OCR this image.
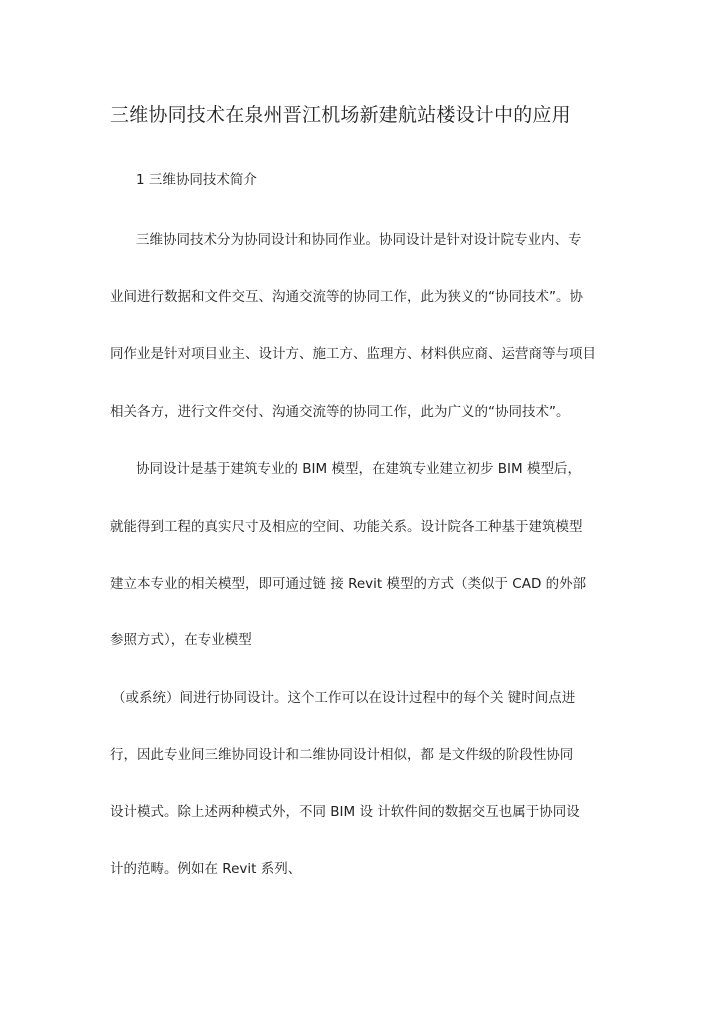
三维协同技术在泉州晋江机场新建航站楼设计中的应用
1 三维协同技术简介
三维协同技术分为协同设计和协同作业。协同设计是针对设计院专业内、专
业间进行数据和文件交互、沟通交流等的协同工作，此为狭义的“协同技术”。协
同作业是针对项目业主、设计方、施工方、监理方、材料供应商、运营商等与项目
相关各方，进行文件交付、沟通交流等的协同工作，此为广义的“协同技术”。
协同设计是基于建筑专业的 BIM 模型，在建筑专业建立初步 BIM 模型后，
就能得到工程的真实尺寸及相应的空间、功能关系。设计院各工种基于建筑模型
建立本专业的相关模型，即可通过链 接 Revit 模型的方式（类似于 CAD 的外部
参照方式），在专业模型
（或系统）间进行协同设计。这个工作可以在设计过程中的每个关 键时间点进
行，因此专业间三维协同设计和二维协同设计相似，都 是文件级的阶段性协同
设计模式。除上述两种模式外，不同 BIM 设 计软件间的数据交互也属于协同设
计的范畴。例如在 Revit 系列、
